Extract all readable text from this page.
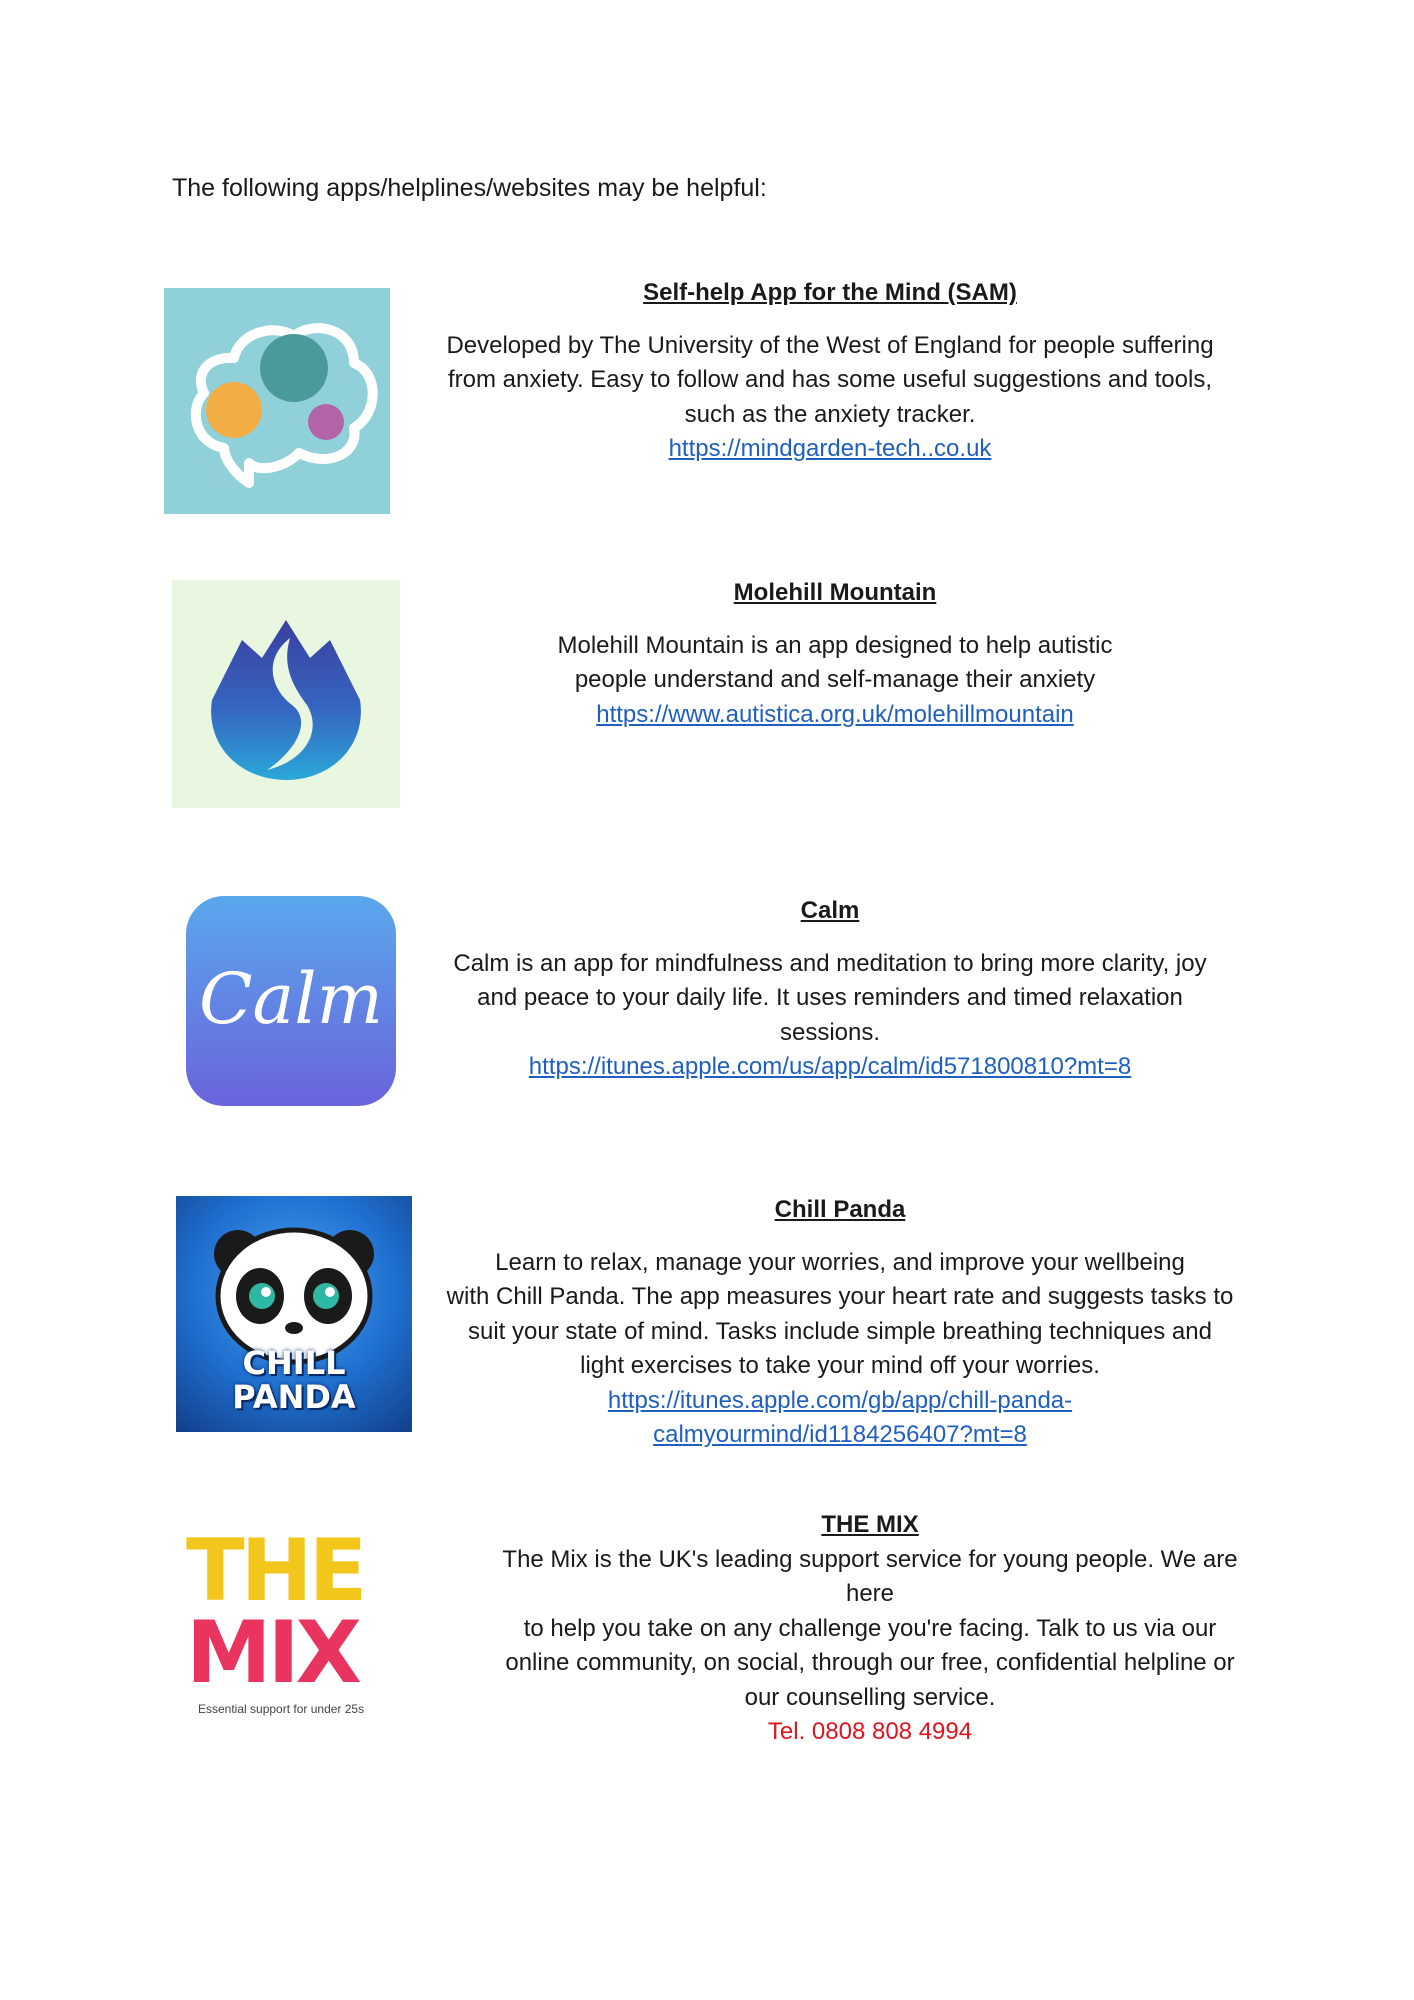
The following apps/helplines/websites may be helpful:

Self-help App for the Mind (SAM)

Developed by The University of the West of England for people suffering
from anxiety. Easy to follow and has some useful suggestions and tools,
such as the anxiety tracker.

https://mindgarden-tech..co.uk

Molehill Mountain

Molehill Mountain is an app designed to help autistic
people understand and self-manage their anxiety

https://www.autistica.org.uk/molehillmountain
Calm

Calm

Calm is an app for mindfulness and meditation to bring more clarity, joy
and peace to your daily life. It uses reminders and timed relaxation
sessions.

https://itunes.apple.com/us/app/calm/id571800810?mt=8
CHILL
PANDA

Chill Panda

Learn to relax, manage your worries, and improve your wellbeing
with Chill Panda. The app measures your heart rate and suggests tasks to
suit your state of mind. Tasks include simple breathing techniques and
light exercises to take your mind off your worries.

https://itunes.apple.com/gb/app/chill-panda-
calmyourmind/id1184256407?mt=8
THE
MIX
Essential support for under 25s

THE MIX

The Mix is the UK's leading support service for young people. We are
here
to help you take on any challenge you're facing. Talk to us via our
online community, on social, through our free, confidential helpline or
our counselling service.

Tel. 0808 808 4994
